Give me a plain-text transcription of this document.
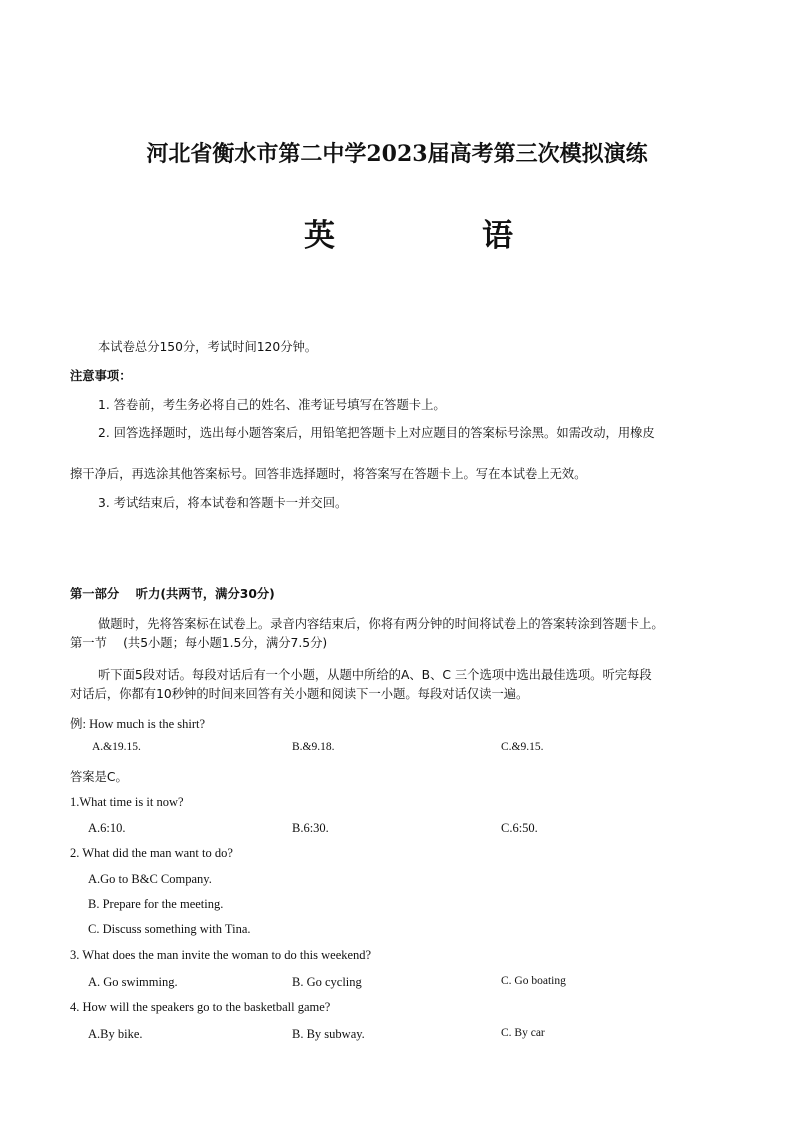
河北省衡水市第二中学2023届高考第三次模拟演练
英	语
本试卷总分150分，考试时间120分钟。
注意事项：
1. 答卷前，考生务必将自己的姓名、准考证号填写在答题卡上。
2. 回答选择题时，选出每小题答案后，用铅笔把答题卡上对应题目的答案标号涂黑。如需改动，用橡皮
擦干净后，再选涂其他答案标号。回答非选择题时，将答案写在答题卡上。写在本试卷上无效。
3. 考试结束后，将本试卷和答题卡一并交回。
第一部分　 听力(共两节，满分30分)
做题时，先将答案标在试卷上。录音内容结束后，你将有两分钟的时间将试卷上的答案转涂到答题卡上。
第一节　 (共5小题；每小题1.5分，满分7.5分)
听下面5段对话。每段对话后有一个小题，从题中所给的A、B、C 三个选项中选出最佳选项。听完每段
对话后，你都有10秒钟的时间来回答有关小题和阅读下一小题。每段对话仅读一遍。
例: How much is the shirt?
A.&19.15.	B.&9.18.	C.&9.15.
答案是C。
1.What time is it now?
A.6:10.	B.6:30.	C.6:50.
2. What did the man want to do?
A.Go to B&C Company.
B. Prepare for the meeting.
C. Discuss something with Tina.
3. What does the man invite the woman to do this weekend?
A. Go swimming.	B. Go cycling	C. Go boating
4. How will the speakers go to the basketball game?
A.By bike.	B. By subway.	C. By car
